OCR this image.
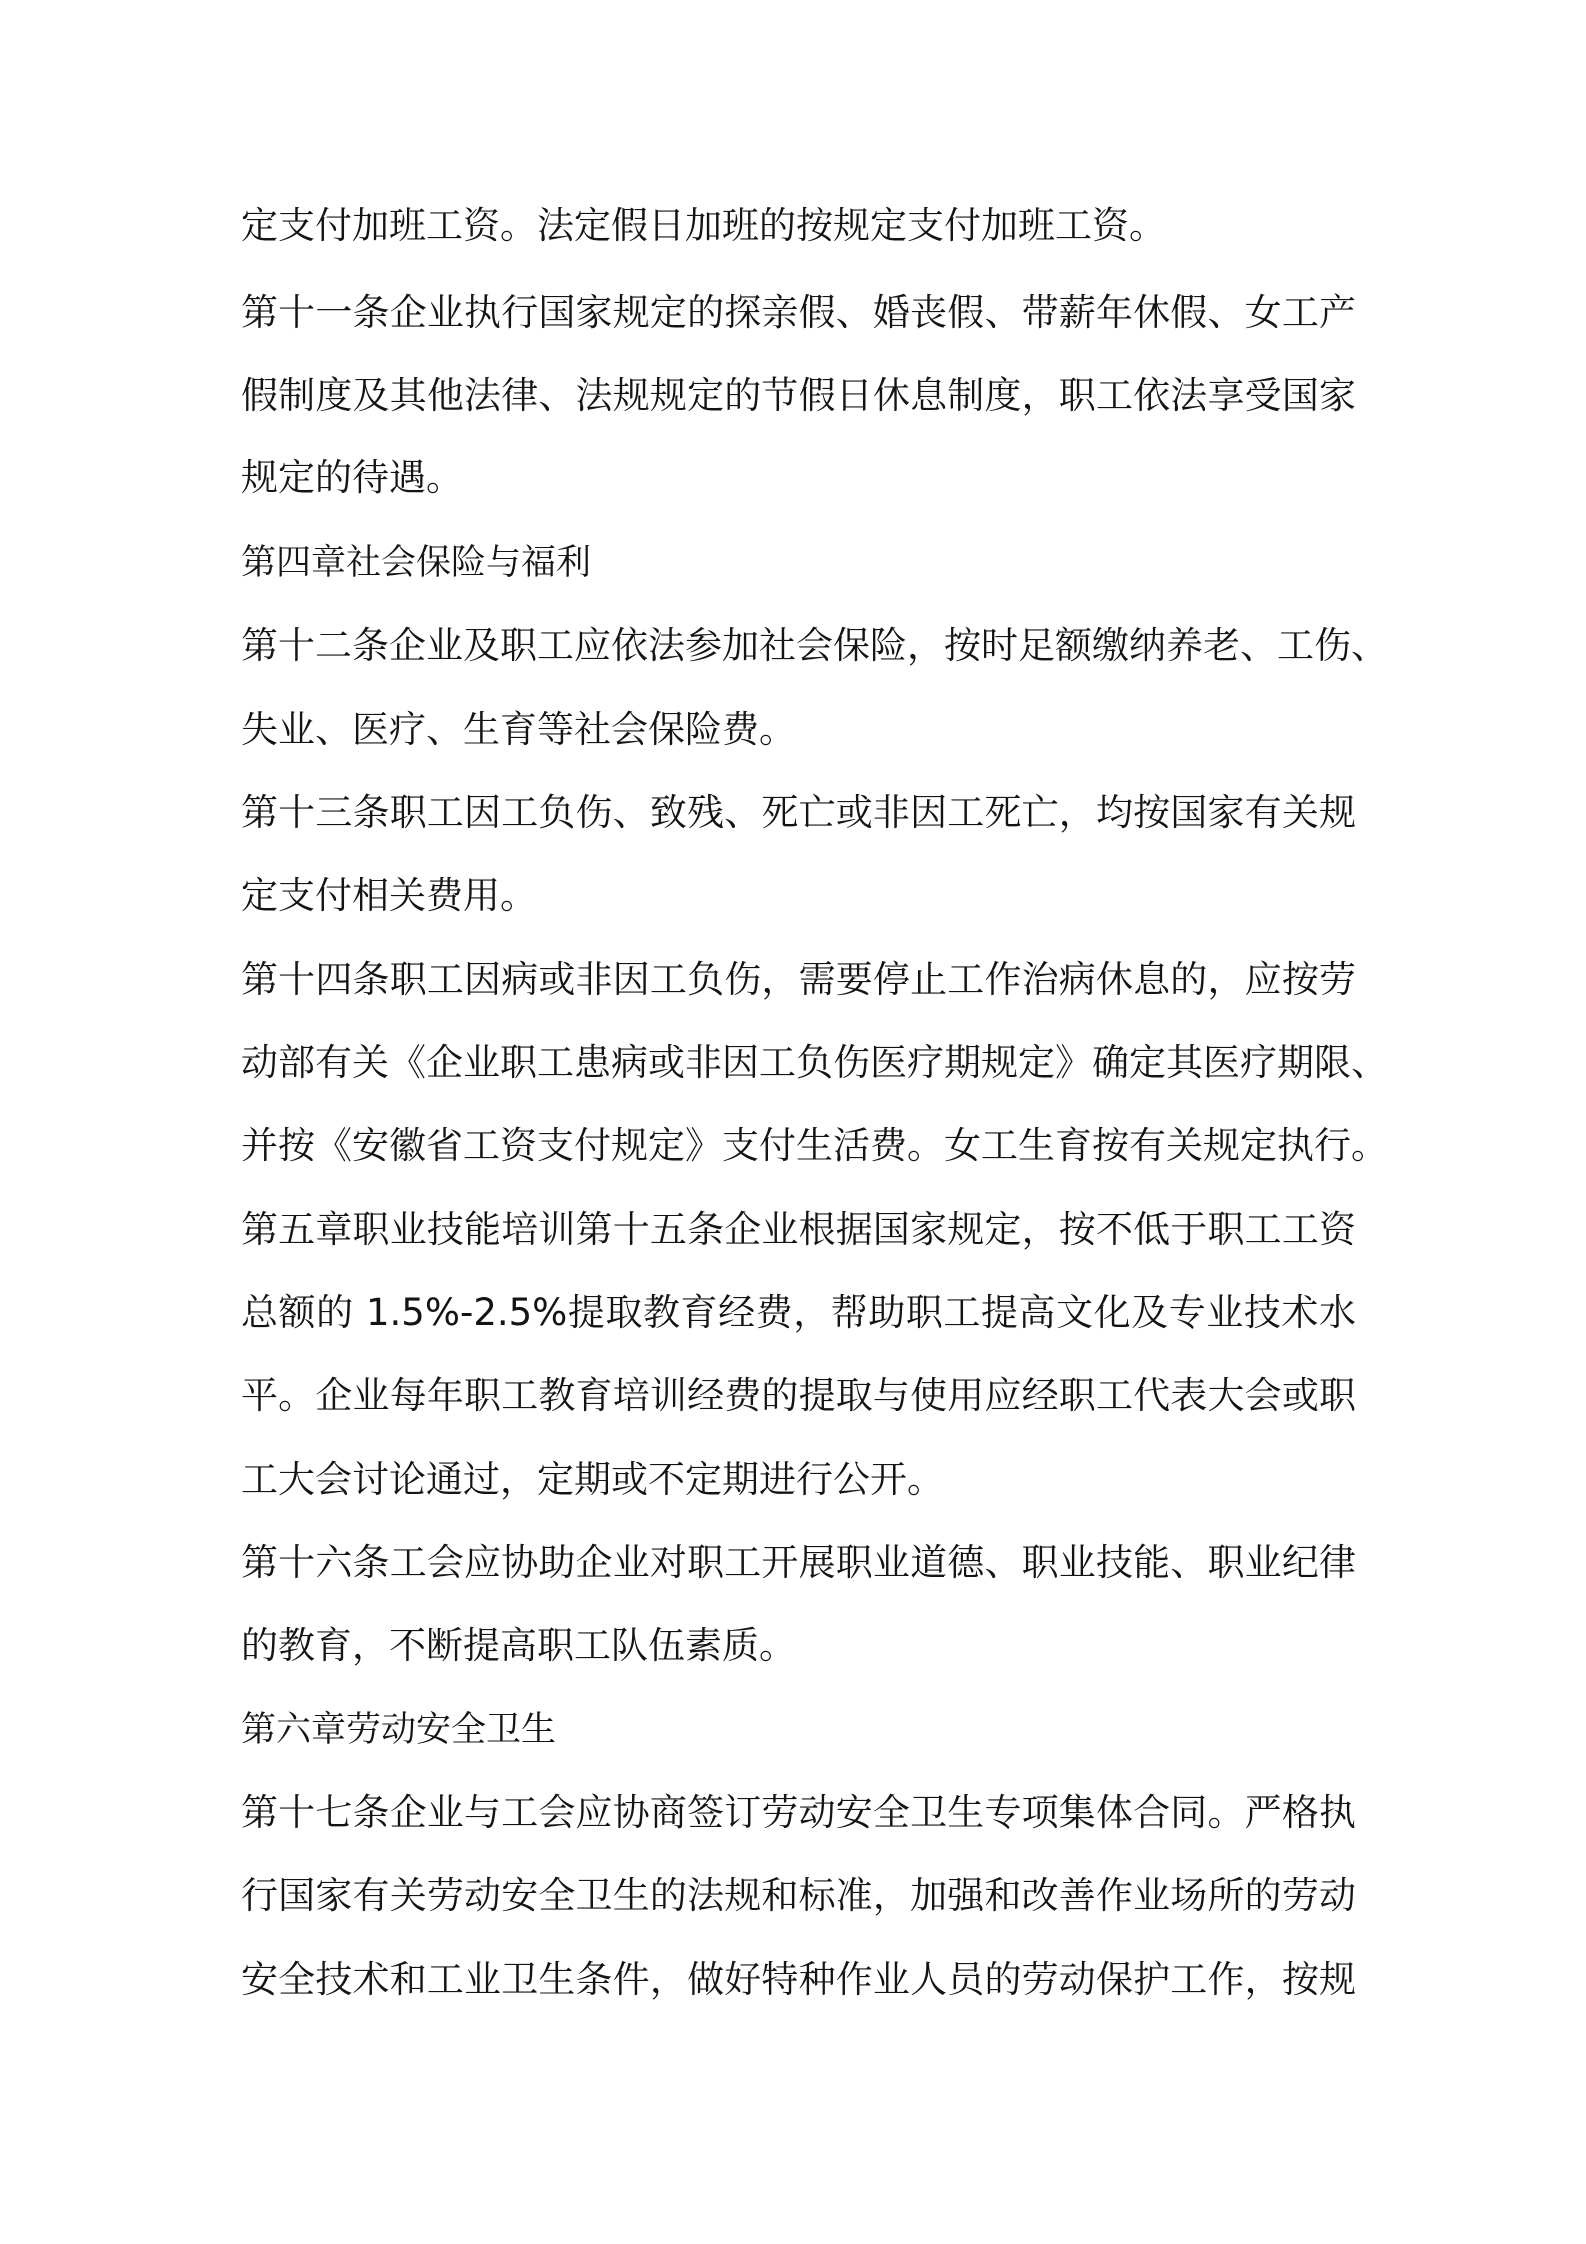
定支付加班工资。法定假日加班的按规定支付加班工资。
第十一条企业执行国家规定的探亲假、婚丧假、带薪年休假、女工产
假制度及其他法律、法规规定的节假日休息制度，职工依法享受国家
规定的待遇。
第四章社会保险与福利
第十二条企业及职工应依法参加社会保险，按时足额缴纳养老、工伤、
失业、医疗、生育等社会保险费。
第十三条职工因工负伤、致残、死亡或非因工死亡，均按国家有关规
定支付相关费用。
第十四条职工因病或非因工负伤，需要停止工作治病休息的，应按劳
动部有关《企业职工患病或非因工负伤医疗期规定》确定其医疗期限、
并按《安徽省工资支付规定》支付生活费。女工生育按有关规定执行。
第五章职业技能培训第十五条企业根据国家规定，按不低于职工工资
总额的 1.5%-2.5%提取教育经费，帮助职工提高文化及专业技术水
平。企业每年职工教育培训经费的提取与使用应经职工代表大会或职
工大会讨论通过，定期或不定期进行公开。
第十六条工会应协助企业对职工开展职业道德、职业技能、职业纪律
的教育，不断提高职工队伍素质。
第六章劳动安全卫生
第十七条企业与工会应协商签订劳动安全卫生专项集体合同。严格执
行国家有关劳动安全卫生的法规和标准，加强和改善作业场所的劳动
安全技术和工业卫生条件，做好特种作业人员的劳动保护工作，按规
